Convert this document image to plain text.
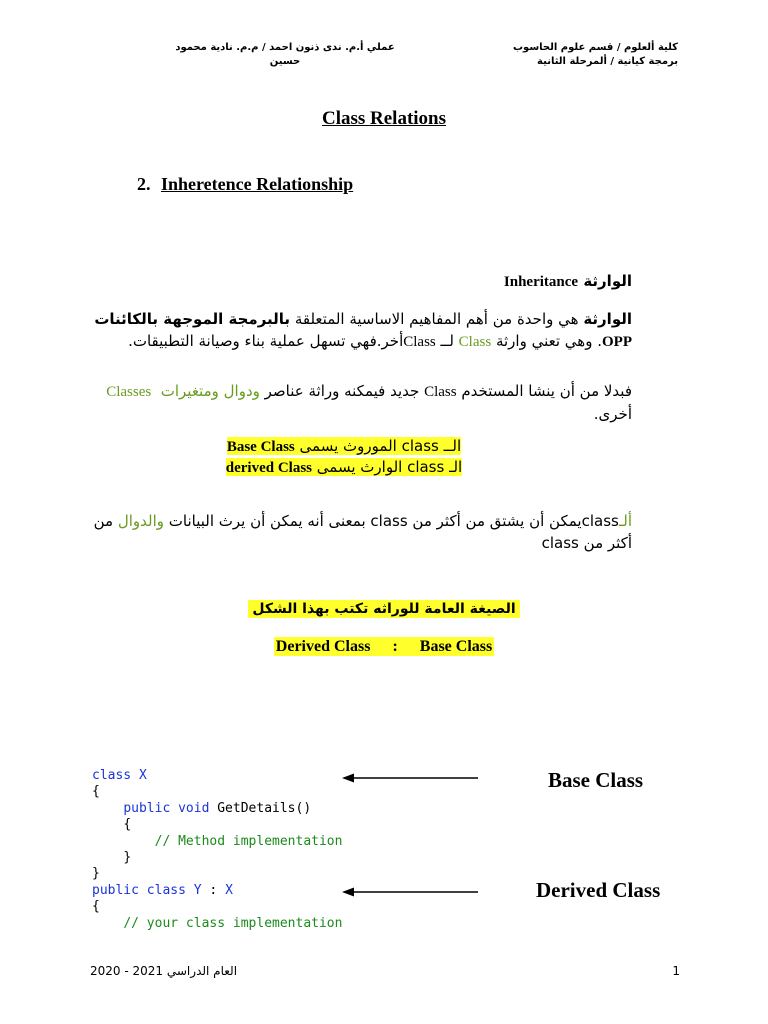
كلية ألعلوم / قسم علوم الحاسوب
برمجة كيانية / ألمرحلة الثانية
عملي أ.م. ندى ذنون احمد / م.م. نادية محمود حسين
Class Relations
2. Inheretence Relationship
الوارثة Inheritance
الوارثة هي واحدة من أهم المفاهيم الاساسية المتعلقة بالبرمجة الموجهة بالكائنات OPP. وهي تعني وارثة Class لــ Classأخر.فهي تسهل عملية بناء وصيانة التطبيقات.
فبدلا من أن ينشا المستخدم Class جديد فيمكنه وراثة عناصر ودوال ومتغيرات  Classes أخرى.
الــ class الموروث يسمى Base Class
الـ class الوارث يسمى derived Class
ألـclassيمكن أن يشتق من أكثر من class بمعنى أنه يمكن أن يرث البيانات والدوال من أكثر من class
الصيغة العامة للوراثه تكتب بهذا الشكل
Derived Class : Base Class
class X
{
public void GetDetails()
{
// Method implementation
}
}
public class Y : X
{
// your class implementation
Base Class
Derived Class
العام الدراسي 2021 - 2020	1
